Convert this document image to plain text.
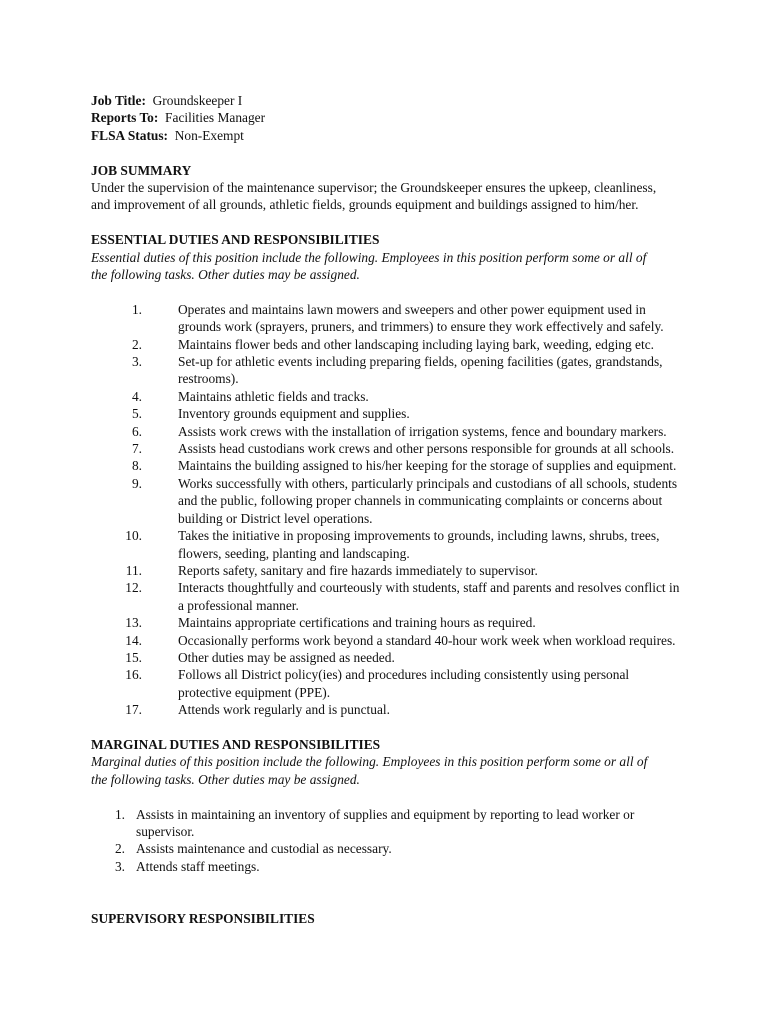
Job Title: Groundskeeper I
Reports To: Facilities Manager
FLSA Status: Non-Exempt
JOB SUMMARY
Under the supervision of the maintenance supervisor; the Groundskeeper ensures the upkeep, cleanliness,
and improvement of all grounds, athletic fields, grounds equipment and buildings assigned to him/her.
ESSENTIAL DUTIES AND RESPONSIBILITIES
Essential duties of this position include the following. Employees in this position perform some or all of
the following tasks. Other duties may be assigned.
1.	Operates and maintains lawn mowers and sweepers and other power equipment used in
grounds work (sprayers, pruners, and trimmers) to ensure they work effectively and safely.
2.	Maintains flower beds and other landscaping including laying bark, weeding, edging etc.
3.	Set-up for athletic events including preparing fields, opening facilities (gates, grandstands,
restrooms).
4.	Maintains athletic fields and tracks.
5.	Inventory grounds equipment and supplies.
6.	Assists work crews with the installation of irrigation systems, fence and boundary markers.
7.	Assists head custodians work crews and other persons responsible for grounds at all schools.
8.	Maintains the building assigned to his/her keeping for the storage of supplies and equipment.
9.	Works successfully with others, particularly principals and custodians of all schools, students
and the public, following proper channels in communicating complaints or concerns about
building or District level operations.
10.	Takes the initiative in proposing improvements to grounds, including lawns, shrubs, trees,
flowers, seeding, planting and landscaping.
11.	Reports safety, sanitary and fire hazards immediately to supervisor.
12.	Interacts thoughtfully and courteously with students, staff and parents and resolves conflict in
a professional manner.
13.	Maintains appropriate certifications and training hours as required.
14.	Occasionally performs work beyond a standard 40-hour work week when workload requires.
15.	Other duties may be assigned as needed.
16.	Follows all District policy(ies) and procedures including consistently using personal
protective equipment (PPE).
17.	Attends work regularly and is punctual.
MARGINAL DUTIES AND RESPONSIBILITIES
Marginal duties of this position include the following. Employees in this position perform some or all of
the following tasks. Other duties may be assigned.
1. Assists in maintaining an inventory of supplies and equipment by reporting to lead worker or
supervisor.
2. Assists maintenance and custodial as necessary.
3. Attends staff meetings.
SUPERVISORY RESPONSIBILITIES
